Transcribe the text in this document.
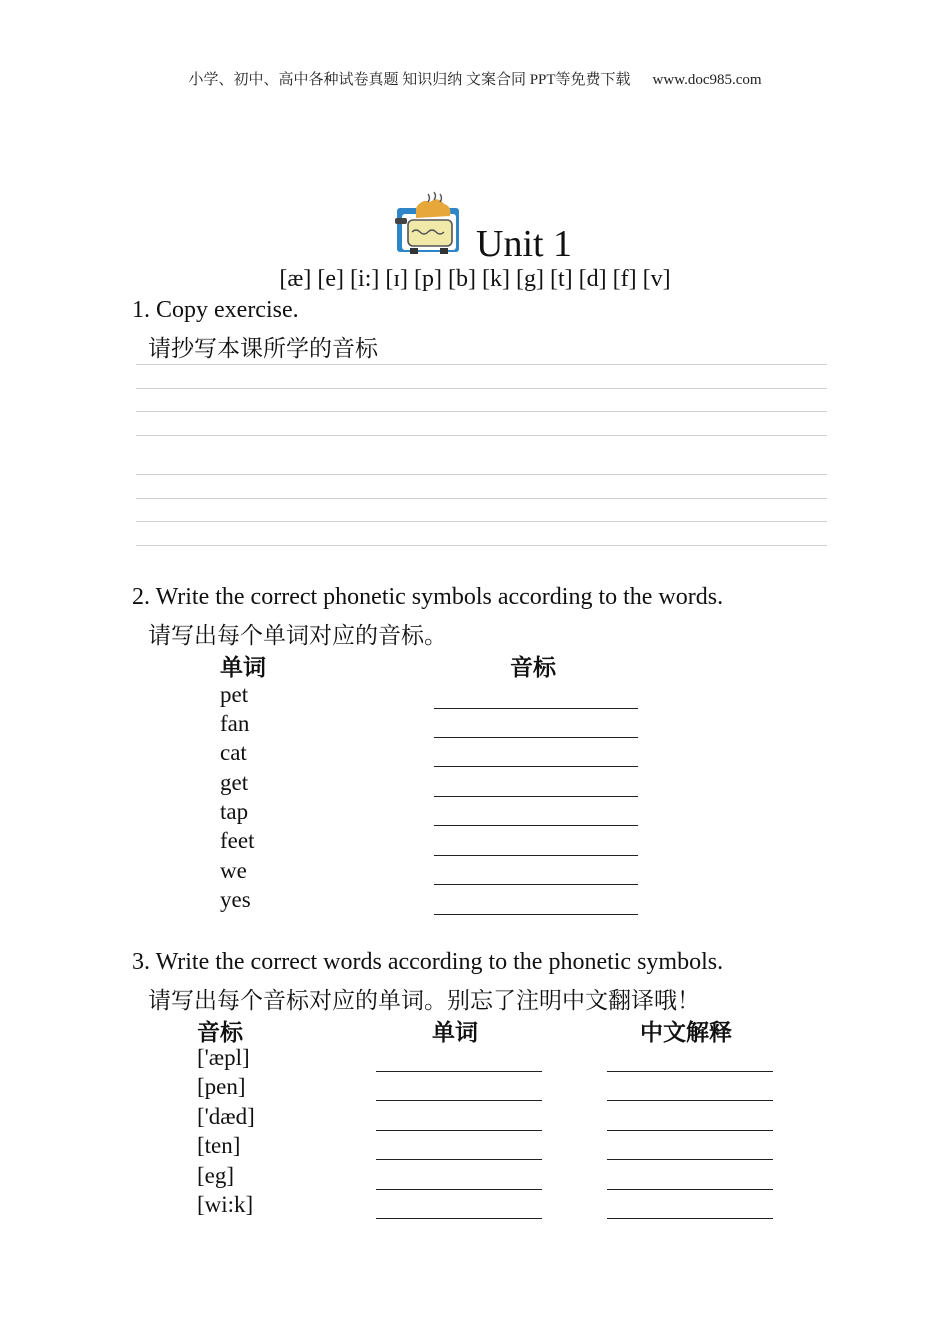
小学、初中、高中各种试卷真题 知识归纳 文案合同 PPT等免费下载 www.doc985.com
Unit 1
[æ] [e] [i:] [ɪ] [p] [b] [k] [g] [t] [d] [f] [v]
1. Copy exercise.
请抄写本课所学的音标
2. Write the correct phonetic symbols according to the words.
请写出每个单词对应的音标。
单词	音标
pet
fan
cat
get
tap
feet
we
yes
3. Write the correct words according to the phonetic symbols.
请写出每个音标对应的单词。别忘了注明中文翻译哦！
音标	单词	中文解释
['æpl]
[pen]
['dæd]
[ten]
[eg]
[wi:k]
